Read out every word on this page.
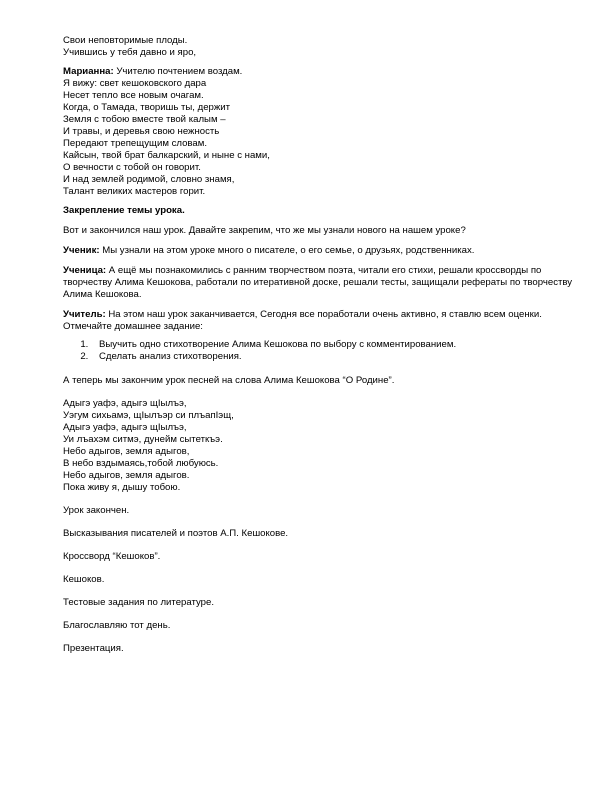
Свои неповторимые плоды.
Учившись у тебя давно и яро,
Марианна: Учителю почтением воздам.
Я вижу: свет кешоковского дара
Несет тепло все новым очагам.
Когда, о Тамада, творишь ты, держит
Земля с тобою вместе твой калым –
И травы, и деревья свою нежность
Передают трепещущим словам.
Кайсын, твой брат балкарский, и ныне с нами,
О вечности с тобой он говорит.
И над землей родимой, словно знамя,
Талант великих мастеров горит.
Закрепление темы урока.
Вот и закончился наш урок. Давайте закрепим, что же мы узнали нового на нашем уроке?
Ученик: Мы узнали на этом уроке много о писателе, о его семье, о друзьях, родственниках.
Ученица: А ещё мы познакомились с ранним творчеством поэта, читали его стихи, решали кроссворды по творчеству Алима Кешокова, работали по итеративной доске, решали тесты, защищали рефераты по творчеству Алима Кешокова.
Учитель: На этом наш урок заканчивается, Сегодня все поработали очень активно, я ставлю всем оценки. Отмечайте домашнее задание:
1. Выучить одно стихотворение Алима Кешокова по выбору с комментированием.
2. Сделать анализ стихотворения.
А теперь мы закончим урок песней на слова Алима Кешокова “О Родине”.
Адыгэ уафэ, адыгэ щIылъэ,
Уэгум сихьамэ, щIылъэр си плъапIэщ,
Адыгэ уафэ, адыгэ щIылъэ,
Уи лъахэм ситмэ, дунейм сытеткъэ.
Небо адыгов, земля адыгов,
В небо вздымаясь,тобой любуюсь.
Небо адыгов, земля адыгов.
Пока живу я, дышу тобою.
Урок закончен.
Высказывания писателей и поэтов А.П. Кешокове.
Кроссворд “Кешоков”.
Кешоков.
Тестовые задания по литературе.
Благославляю тот день.
Презентация.
